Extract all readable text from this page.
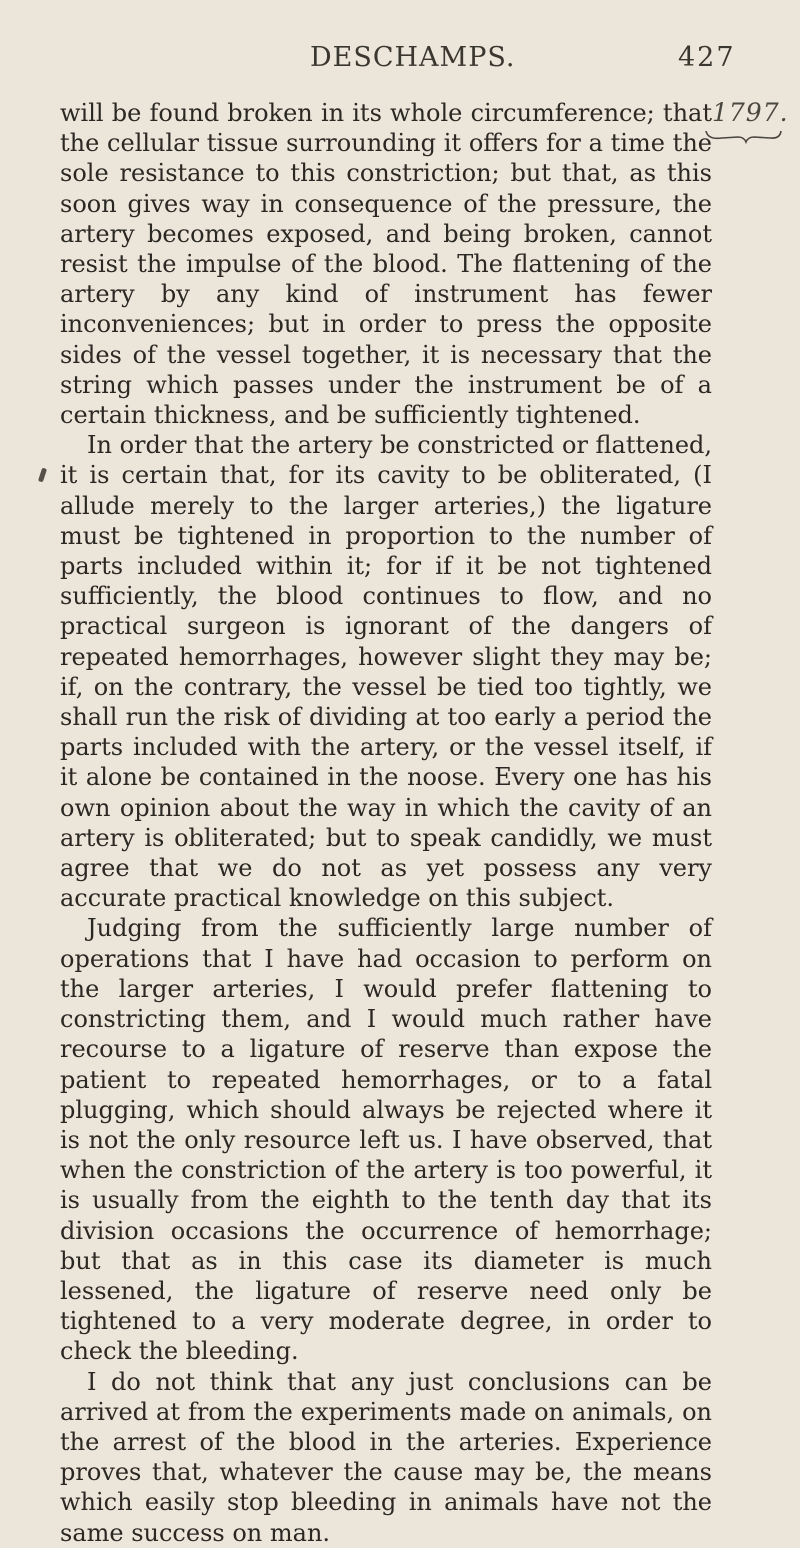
DESCHAMPS.	427
1797.

will be found broken in its whole circumference; that the cellular tissue surrounding it offers for a time the sole resistance to this constriction; but that, as this soon gives way in consequence of the pressure, the artery becomes exposed, and being broken, cannot resist the impulse of the blood. The flattening of the artery by any kind of instrument has fewer inconveniences; but in order to press the opposite sides of the vessel together, it is necessary that the string which passes under the instrument be of a certain thickness, and be sufficiently tightened.

In order that the artery be constricted or flattened, it is certain that, for its cavity to be obliterated, (I allude merely to the larger arteries,) the ligature must be tightened in proportion to the number of parts included within it; for if it be not tightened sufficiently, the blood continues to flow, and no practical surgeon is ignorant of the dangers of repeated hemorrhages, however slight they may be; if, on the contrary, the vessel be tied too tightly, we shall run the risk of dividing at too early a period the parts included with the artery, or the vessel itself, if it alone be contained in the noose. Every one has his own opinion about the way in which the cavity of an artery is obliterated; but to speak candidly, we must agree that we do not as yet possess any very accurate practical knowledge on this subject.

Judging from the sufficiently large number of operations that I have had occasion to perform on the larger arteries, I would prefer flattening to constricting them, and I would much rather have recourse to a ligature of reserve than expose the patient to repeated hemorrhages, or to a fatal plugging, which should always be rejected where it is not the only resource left us. I have observed, that when the constriction of the artery is too powerful, it is usually from the eighth to the tenth day that its division occasions the occurrence of hemorrhage; but that as in this case its diameter is much lessened, the ligature of reserve need only be tightened to a very moderate degree, in order to check the bleeding.

I do not think that any just conclusions can be arrived at from the experiments made on animals, on the arrest of the blood in the arteries. Experience proves that, whatever the cause may be, the means which easily stop bleeding in animals have not the same success on man.
